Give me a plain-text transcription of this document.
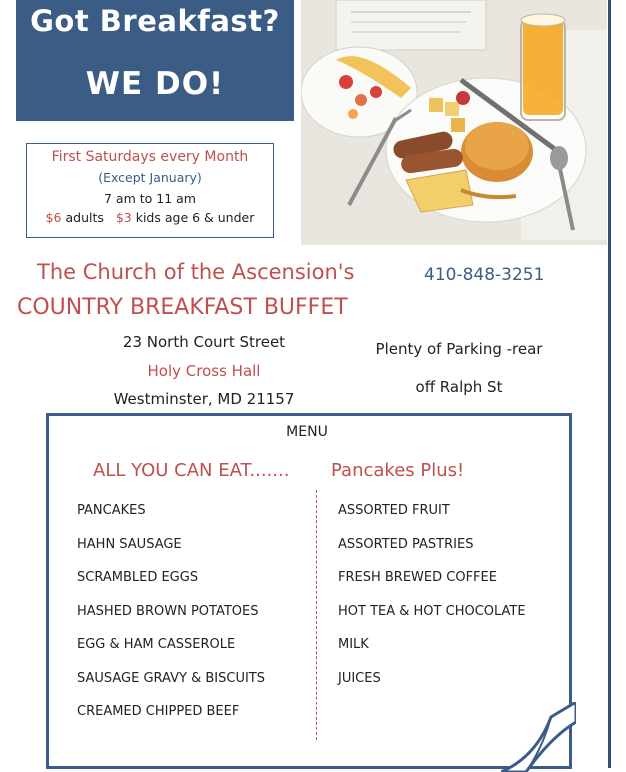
Got Breakfast?
WE DO!
First Saturdays every Month
(Except January)
7 am to 11 am
$6 adults $3 kids age 6 & under
The Church of the Ascension's	410-848-3251
COUNTRY BREAKFAST BUFFET
23 North Court Street
Holy Cross Hall
Westminster, MD 21157
Plenty of Parking -rear
off Ralph St
MENU
ALL YOU CAN EAT....... Pancakes Plus!
PANCAKES
HAHN SAUSAGE
SCRAMBLED EGGS
HASHED BROWN POTATOES
EGG & HAM CASSEROLE
SAUSAGE GRAVY & BISCUITS
CREAMED CHIPPED BEEF
ASSORTED FRUIT
ASSORTED PASTRIES
FRESH BREWED COFFEE
HOT TEA & HOT CHOCOLATE
MILK
JUICES
